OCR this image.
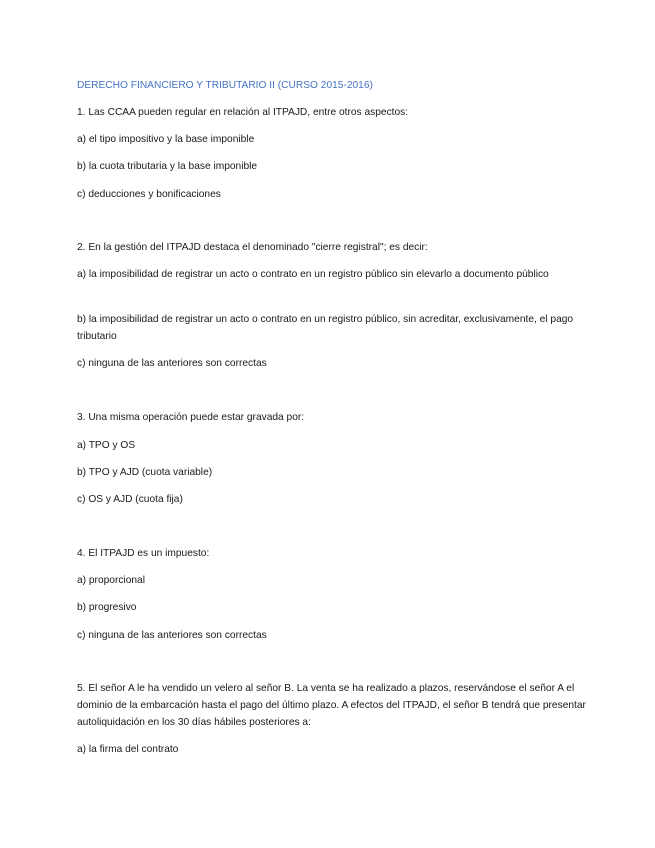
DERECHO FINANCIERO Y TRIBUTARIO II (CURSO 2015-2016)
1. Las CCAA pueden regular en relación al ITPAJD, entre otros aspectos:
a) el tipo impositivo y la base imponible
b) la cuota tributaria y la base imponible
c) deducciones y bonificaciones
2. En la gestión del ITPAJD destaca el denominado "cierre registral"; es decir:
a) la imposibilidad de registrar un acto o contrato en un registro público sin elevarlo a documento público
b) la imposibilidad de registrar un acto o contrato en un registro público, sin acreditar, exclusivamente, el pago tributario
c) ninguna de las anteriores son correctas
3. Una misma operación puede estar gravada por:
a) TPO y OS
b) TPO y AJD (cuota variable)
c) OS y AJD (cuota fija)
4. El ITPAJD es un impuesto:
a) proporcional
b) progresivo
c) ninguna de las anteriores son correctas
5. El señor A le ha vendido un velero al señor B. La venta se ha realizado a plazos, reservándose el señor A el dominio de la embarcación hasta el pago del último plazo. A efectos del ITPAJD, el señor B tendrá que presentar autoliquidación en los 30 días hábiles posteriores a:
a) la firma del contrato
